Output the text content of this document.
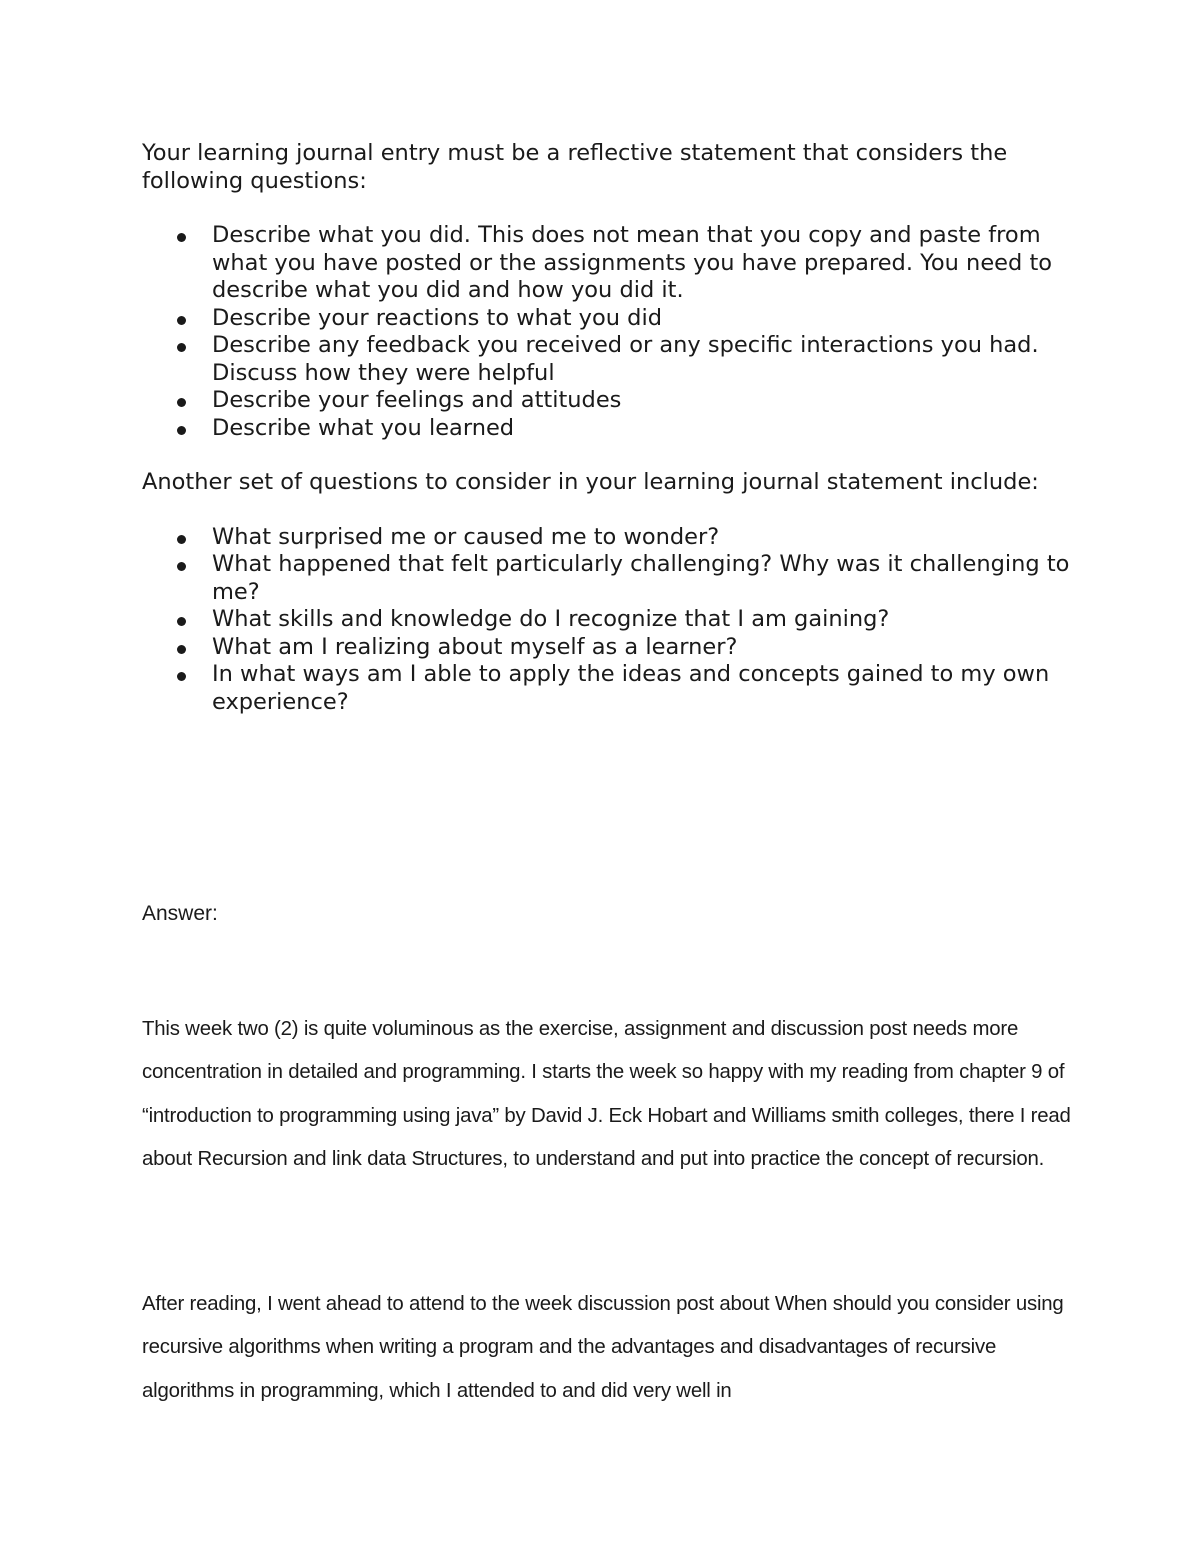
Your learning journal entry must be a reflective statement that considers the following questions:

Describe what you did. This does not mean that you copy and paste from what you have posted or the assignments you have prepared. You need to describe what you did and how you did it.
Describe your reactions to what you did
Describe any feedback you received or any specific interactions you had. Discuss how they were helpful
Describe your feelings and attitudes
Describe what you learned

Another set of questions to consider in your learning journal statement include:

What surprised me or caused me to wonder?
What happened that felt particularly challenging? Why was it challenging to me?
What skills and knowledge do I recognize that I am gaining?
What am I realizing about myself as a learner?
In what ways am I able to apply the ideas and concepts gained to my own experience?
Answer:

This week two (2) is quite voluminous as the exercise, assignment and discussion post needs more concentration in detailed and programming. I starts the week so happy with my reading from chapter 9 of “introduction to programming using java” by David J. Eck Hobart and Williams smith colleges, there I read about Recursion and link data Structures, to understand and put into practice the concept of recursion.

After reading, I went ahead to attend to the week discussion post about When should you consider using recursive algorithms when writing a program and the advantages and disadvantages of recursive algorithms in programming, which I attended to and did very well in
